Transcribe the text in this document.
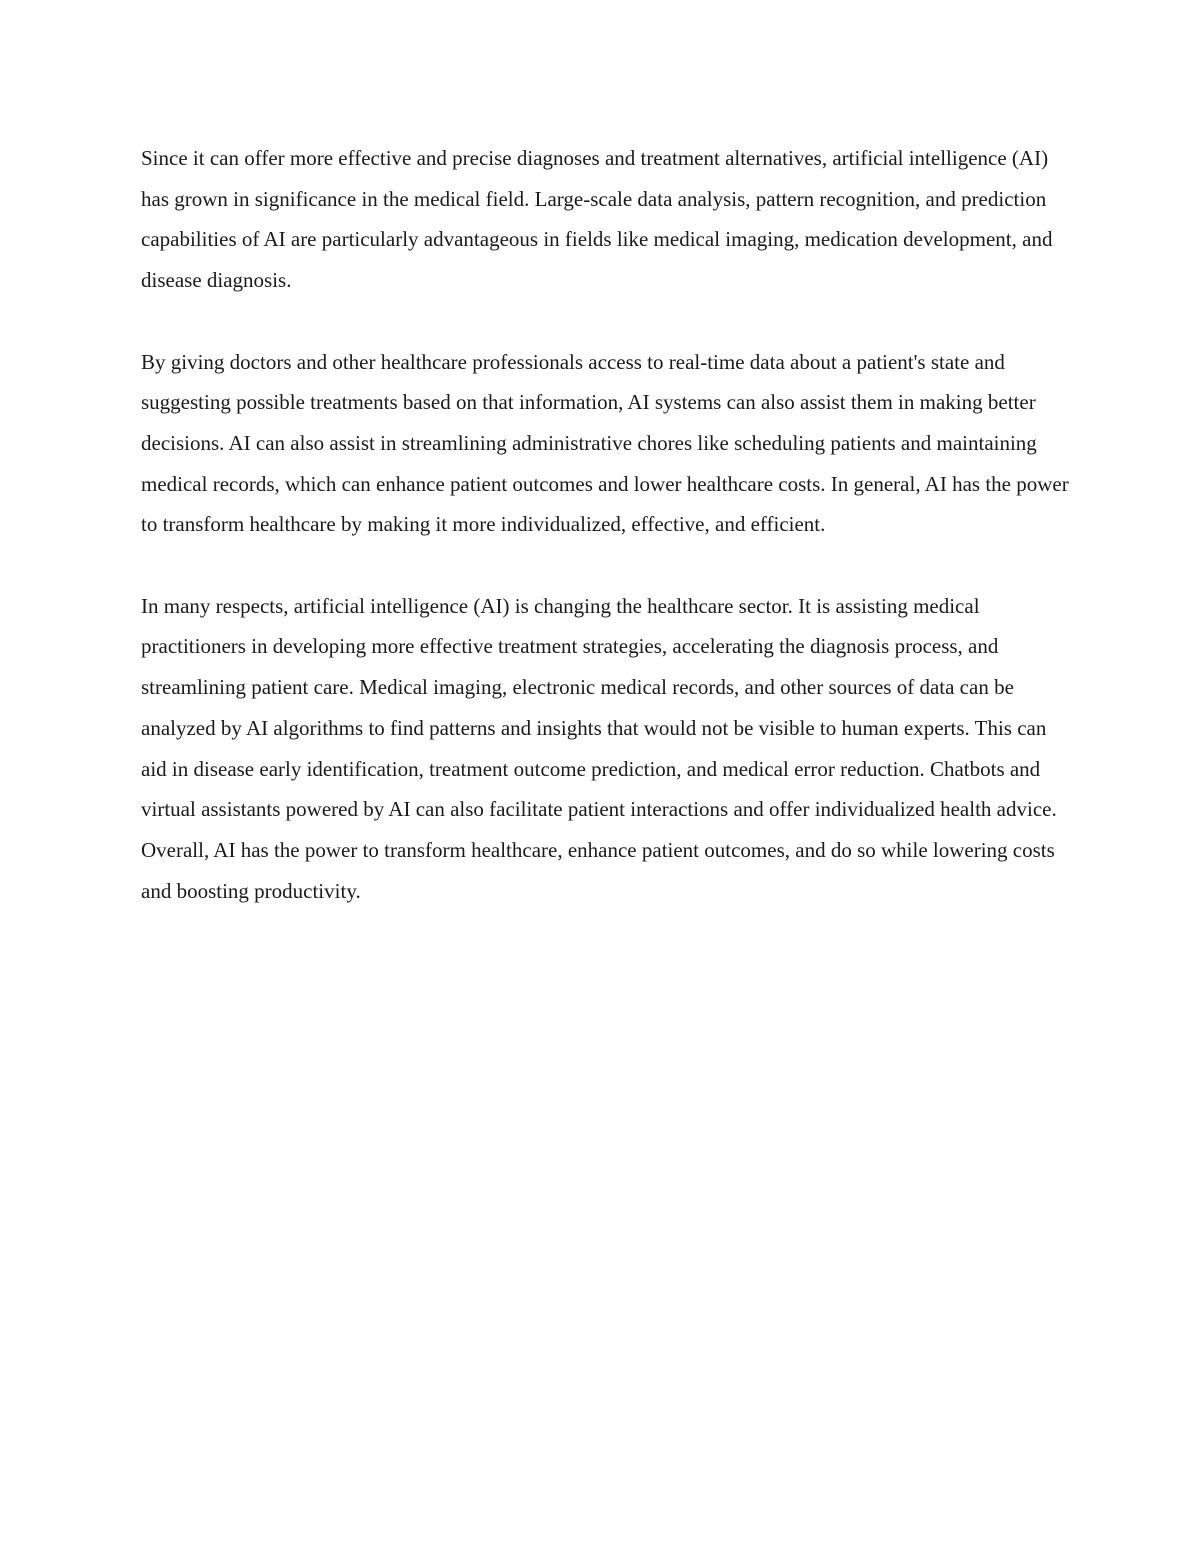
Since it can offer more effective and precise diagnoses and treatment alternatives, artificial intelligence (AI) has grown in significance in the medical field. Large-scale data analysis, pattern recognition, and prediction capabilities of AI are particularly advantageous in fields like medical imaging, medication development, and disease diagnosis.

By giving doctors and other healthcare professionals access to real-time data about a patient's state and suggesting possible treatments based on that information, AI systems can also assist them in making better decisions. AI can also assist in streamlining administrative chores like scheduling patients and maintaining medical records, which can enhance patient outcomes and lower healthcare costs. In general, AI has the power to transform healthcare by making it more individualized, effective, and efficient.

In many respects, artificial intelligence (AI) is changing the healthcare sector. It is assisting medical practitioners in developing more effective treatment strategies, accelerating the diagnosis process, and streamlining patient care. Medical imaging, electronic medical records, and other sources of data can be analyzed by AI algorithms to find patterns and insights that would not be visible to human experts. This can aid in disease early identification, treatment outcome prediction, and medical error reduction. Chatbots and virtual assistants powered by AI can also facilitate patient interactions and offer individualized health advice. Overall, AI has the power to transform healthcare, enhance patient outcomes, and do so while lowering costs and boosting productivity.
